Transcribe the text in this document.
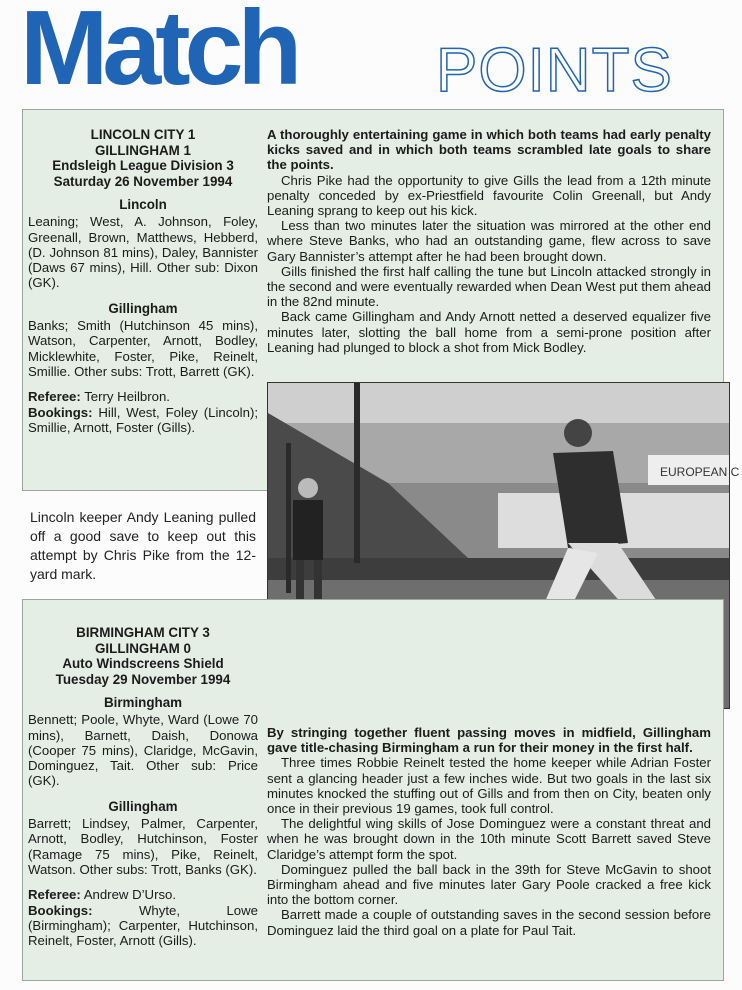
Match POINTS
LINCOLN CITY 1
GILLINGHAM 1
Endsleigh League Division 3
Saturday 26 November 1994
Lincoln
Leaning; West, A. Johnson, Foley, Greenall, Brown, Matthews, Hebberd, (D. Johnson 81 mins), Daley, Bannister (Daws 67 mins), Hill. Other sub: Dixon (GK).
Gillingham
Banks; Smith (Hutchinson 45 mins), Watson, Carpenter, Arnott, Bodley, Micklewhite, Foster, Pike, Reinelt, Smillie. Other subs: Trott, Barrett (GK).
Referee: Terry Heilbron.
Bookings: Hill, West, Foley (Lincoln); Smillie, Arnott, Foster (Gills).
A thoroughly entertaining game in which both teams had early penalty kicks saved and in which both teams scrambled late goals to share the points.
Chris Pike had the opportunity to give Gills the lead from a 12th minute penalty conceded by ex-Priestfield favourite Colin Greenall, but Andy Leaning sprang to keep out his kick.
Less than two minutes later the situation was mirrored at the other end where Steve Banks, who had an outstanding game, flew across to save Gary Bannister’s attempt after he had been brought down.
Gills finished the first half calling the tune but Lincoln attacked strongly in the second and were eventually rewarded when Dean West put them ahead in the 82nd minute.
Back came Gillingham and Andy Arnott netted a deserved equalizer five minutes later, slotting the ball home from a semi-prone position after Leaning had plunged to block a shot from Mick Bodley.
Lincoln keeper Andy Leaning pulled off a good save to keep out this attempt by Chris Pike from the 12-yard mark.
EUROPEAN C
BIRMINGHAM CITY 3
GILLINGHAM 0
Auto Windscreens Shield
Tuesday 29 November 1994
Birmingham
Bennett; Poole, Whyte, Ward (Lowe 70 mins), Barnett, Daish, Donowa (Cooper 75 mins), Claridge, McGavin, Dominguez, Tait. Other sub: Price (GK).
Gillingham
Barrett; Lindsey, Palmer, Carpenter, Arnott, Bodley, Hutchinson, Foster (Ramage 75 mins), Pike, Reinelt, Watson. Other subs: Trott, Banks (GK).
Referee: Andrew D’Urso.
Bookings:	Whyte, Lowe (Birmingham); Carpenter, Hutchinson, Reinelt, Foster, Arnott (Gills).
By stringing together fluent passing moves in midfield, Gillingham gave title-chasing Birmingham a run for their money in the first half.
Three times Robbie Reinelt tested the home keeper while Adrian Foster sent a glancing header just a few inches wide. But two goals in the last six minutes knocked the stuffing out of Gills and from then on City, beaten only once in their previous 19 games, took full control.
The delightful wing skills of Jose Dominguez were a constant threat and when he was brought down in the 10th minute Scott Barrett saved Steve Claridge’s attempt form the spot.
Dominguez pulled the ball back in the 39th for Steve McGavin to shoot Birmingham ahead and five minutes later Gary Poole cracked a free kick into the bottom corner.
Barrett made a couple of outstanding saves in the second session before Dominguez laid the third goal on a plate for Paul Tait.
